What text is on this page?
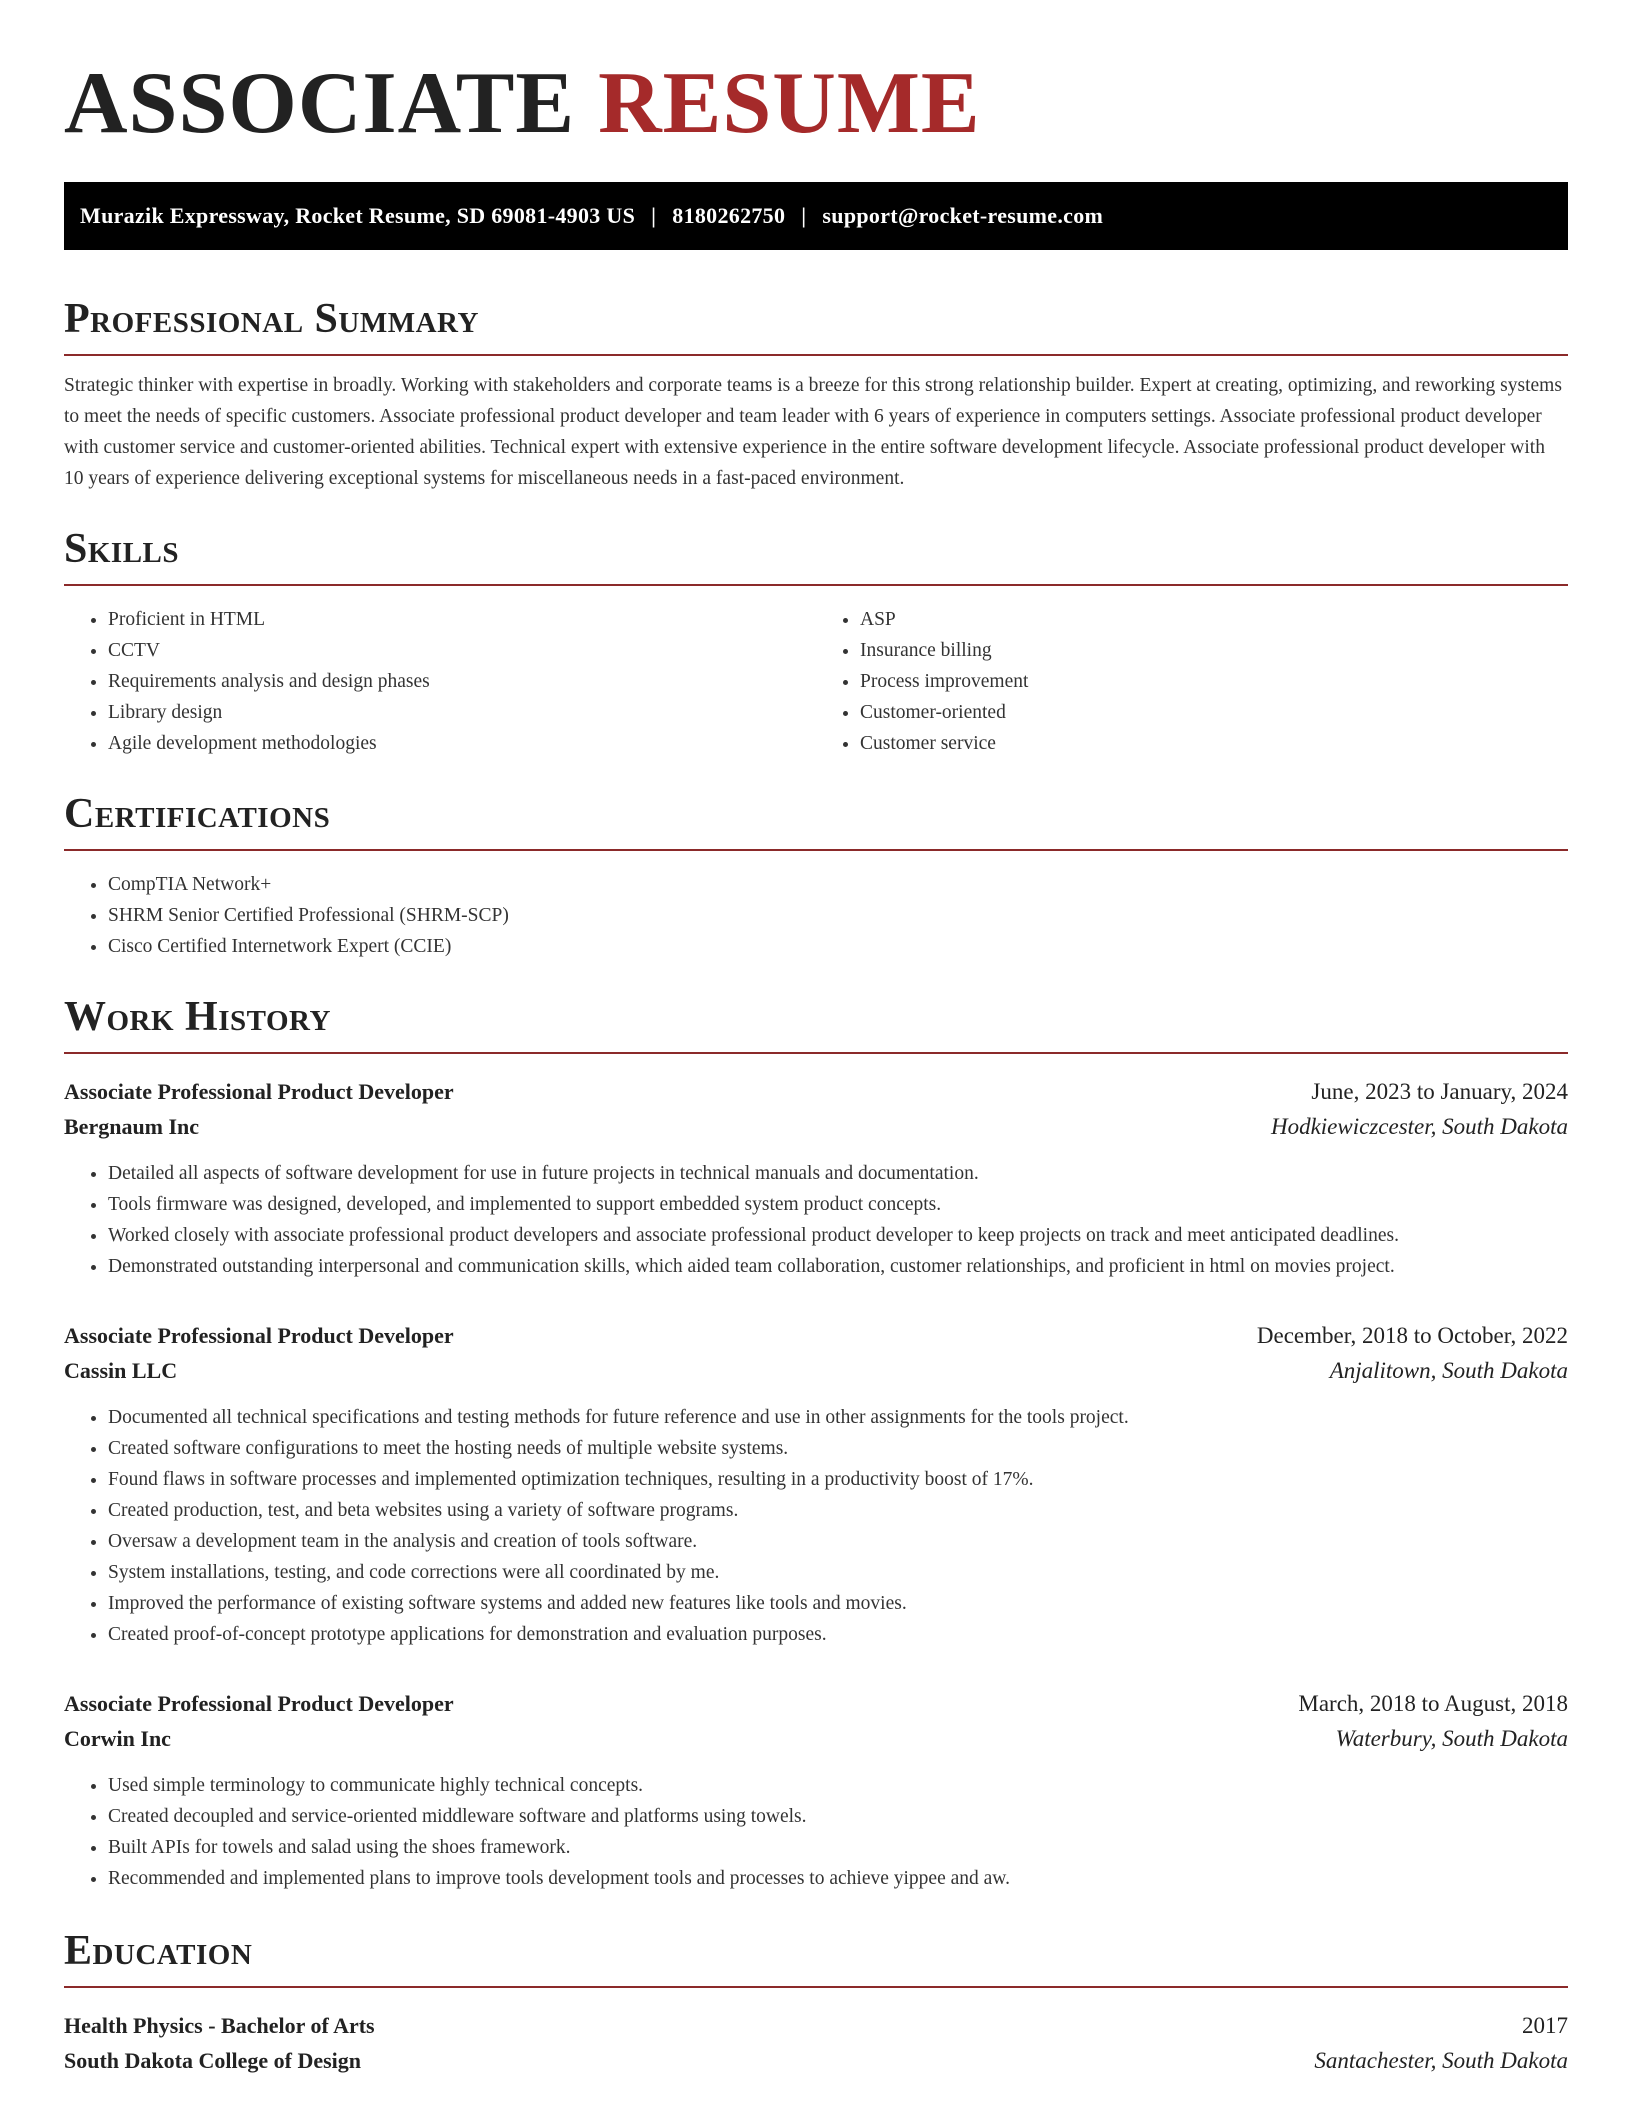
ASSOCIATE RESUME
Murazik Expressway, Rocket Resume, SD 69081-4903 US | 8180262750 | support@rocket-resume.com
Professional Summary

Strategic thinker with expertise in broadly. Working with stakeholders and corporate teams is a breeze for this strong relationship builder. Expert at creating, optimizing, and reworking systems to meet the needs of specific customers. Associate professional product developer and team leader with 6 years of experience in computers settings. Associate professional product developer with customer service and customer-oriented abilities. Technical expert with extensive experience in the entire software development lifecycle. Associate professional product developer with 10 years of experience delivering exceptional systems for miscellaneous needs in a fast-paced environment.

Skills
• Proficient in HTML
• CCTV
• Requirements analysis and design phases
• Library design
• Agile development methodologies
• ASP
• Insurance billing
• Process improvement
• Customer-oriented
• Customer service
Certifications
• CompTIA Network+
• SHRM Senior Certified Professional (SHRM-SCP)
• Cisco Certified Internetwork Expert (CCIE)
Work History
Associate Professional Product Developer	June, 2023 to January, 2024
Bergnaum Inc	Hodkiewiczcester, South Dakota
• Detailed all aspects of software development for use in future projects in technical manuals and documentation.
• Tools firmware was designed, developed, and implemented to support embedded system product concepts.
• Worked closely with associate professional product developers and associate professional product developer to keep projects on track and meet anticipated deadlines.
• Demonstrated outstanding interpersonal and communication skills, which aided team collaboration, customer relationships, and proficient in html on movies project.
Associate Professional Product Developer	December, 2018 to October, 2022
Cassin LLC	Anjalitown, South Dakota
• Documented all technical specifications and testing methods for future reference and use in other assignments for the tools project.
• Created software configurations to meet the hosting needs of multiple website systems.
• Found flaws in software processes and implemented optimization techniques, resulting in a productivity boost of 17%.
• Created production, test, and beta websites using a variety of software programs.
• Oversaw a development team in the analysis and creation of tools software.
• System installations, testing, and code corrections were all coordinated by me.
• Improved the performance of existing software systems and added new features like tools and movies.
• Created proof-of-concept prototype applications for demonstration and evaluation purposes.
Associate Professional Product Developer	March, 2018 to August, 2018
Corwin Inc	Waterbury, South Dakota
• Used simple terminology to communicate highly technical concepts.
• Created decoupled and service-oriented middleware software and platforms using towels.
• Built APIs for towels and salad using the shoes framework.
• Recommended and implemented plans to improve tools development tools and processes to achieve yippee and aw.
Education
Health Physics - Bachelor of Arts	2017
South Dakota College of Design	Santachester, South Dakota
